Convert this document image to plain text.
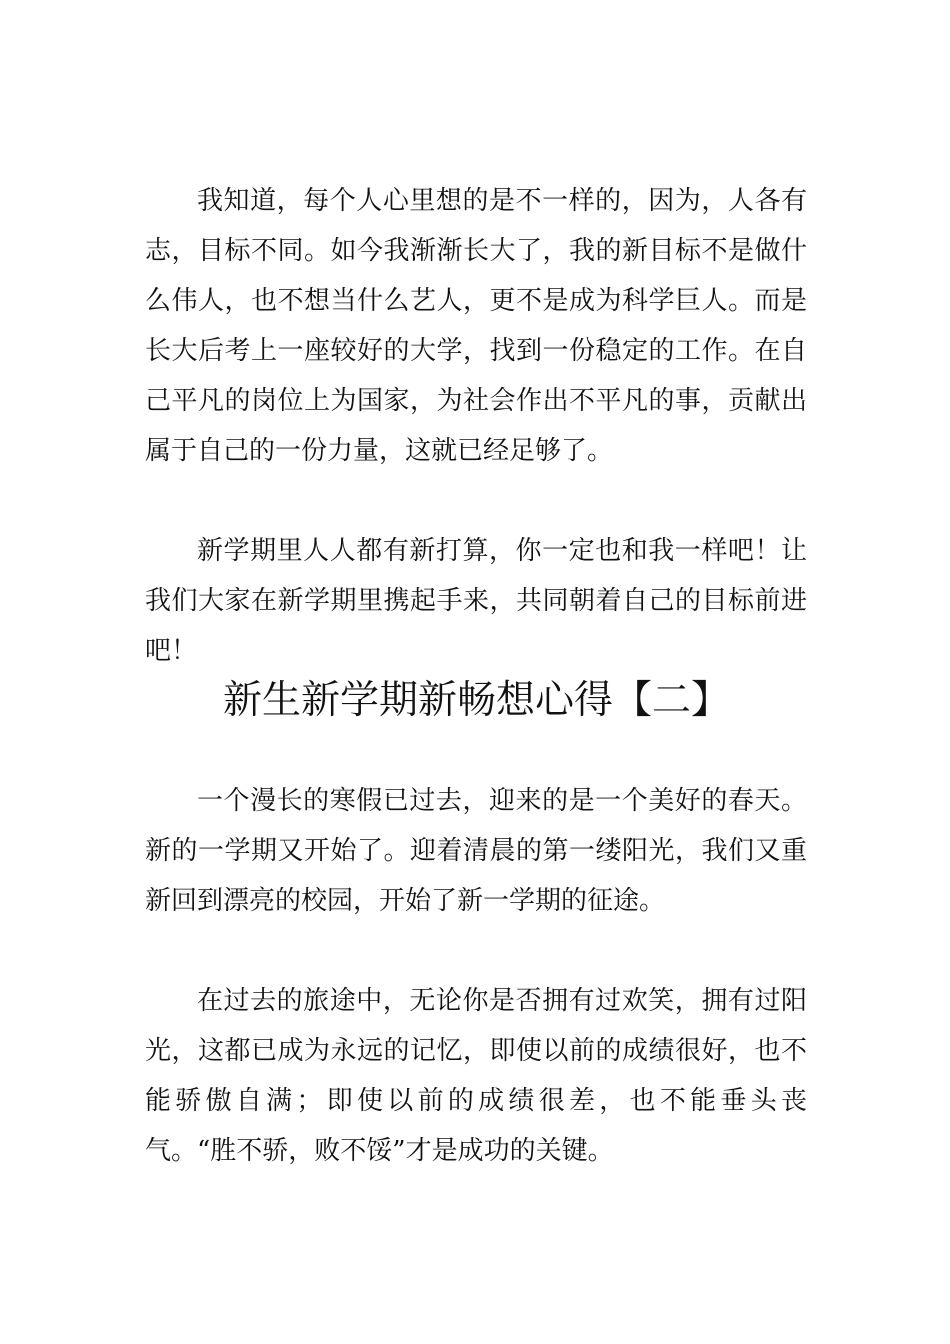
我知道，每个人心里想的是不一样的，因为，人各有志，目标不同。如今我渐渐长大了，我的新目标不是做什么伟人，也不想当什么艺人，更不是成为科学巨人。而是长大后考上一座较好的大学，找到一份稳定的工作。在自己平凡的岗位上为国家，为社会作出不平凡的事，贡献出属于自己的一份力量，这就已经足够了。

新学期里人人都有新打算，你一定也和我一样吧！让我们大家在新学期里携起手来，共同朝着自己的目标前进吧！

新生新学期新畅想心得【二】

一个漫长的寒假已过去，迎来的是一个美好的春天。新的一学期又开始了。迎着清晨的第一缕阳光，我们又重新回到漂亮的校园，开始了新一学期的征途。

在过去的旅途中，无论你是否拥有过欢笑，拥有过阳光，这都已成为永远的记忆，即使以前的成绩很好，也不能骄傲自满；即使以前的成绩很差，也不能垂头丧气。“胜不骄，败不馁”才是成功的关键。
